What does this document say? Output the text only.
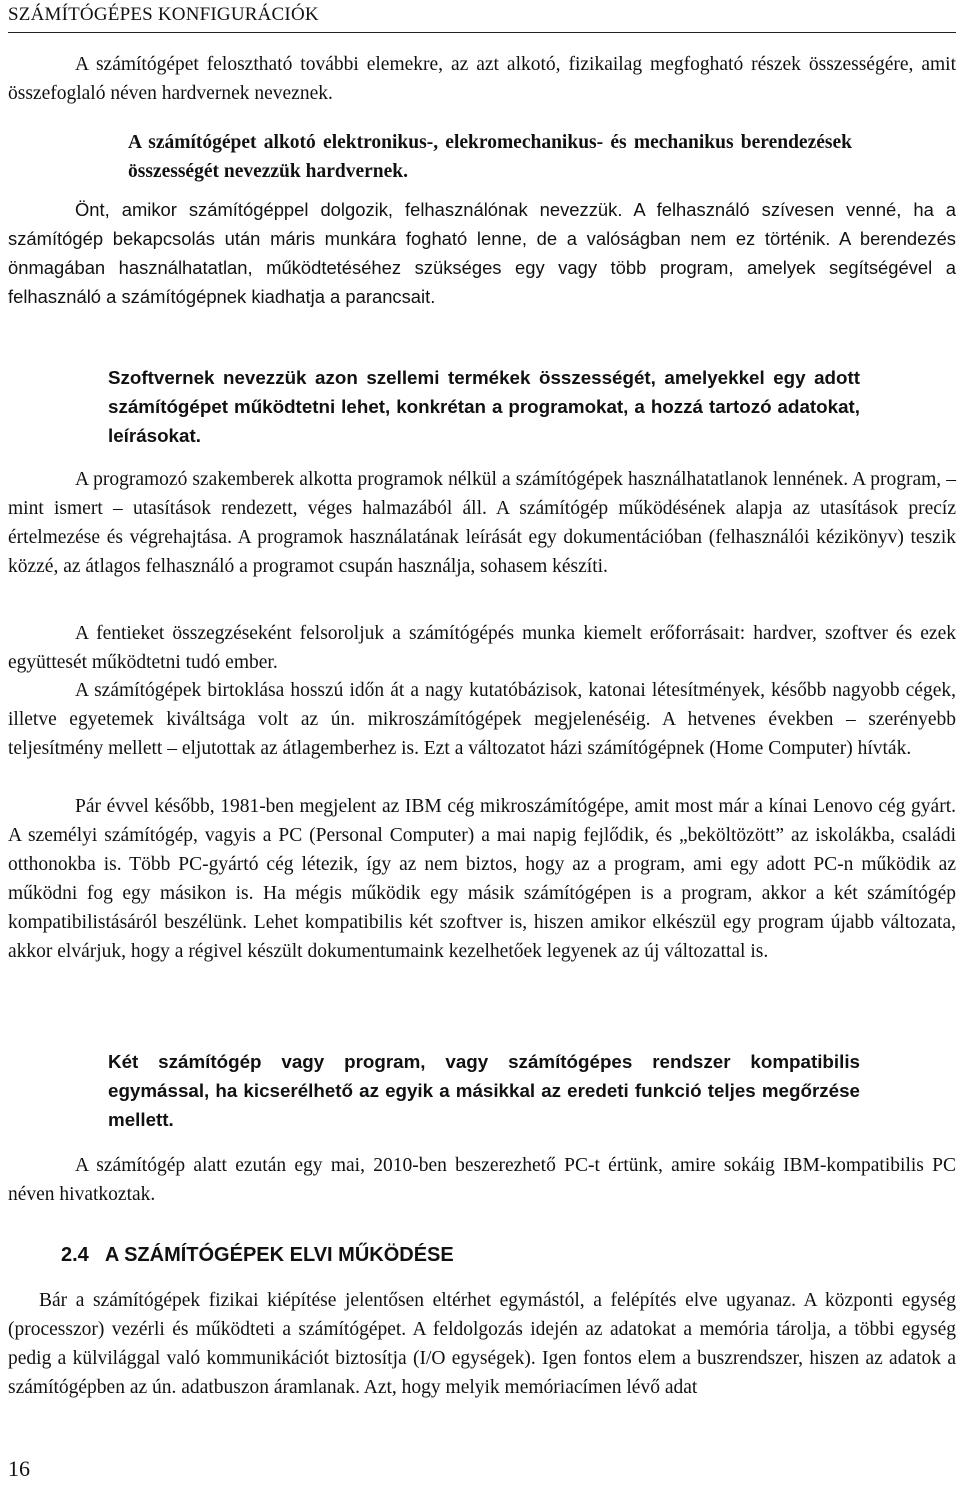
SZÁMÍTÓGÉPES KONFIGURÁCIÓK

A számítógépet felosztható további elemekre, az azt alkotó, fizikailag megfogható részek összességére, amit összefoglaló néven hardvernek neveznek.

A számítógépet alkotó elektronikus-, elekromechanikus- és mechanikus berendezések összességét nevezzük hardvernek.

Önt, amikor számítógéppel dolgozik, felhasználónak nevezzük. A felhasználó szívesen venné, ha a számítógép bekapcsolás után máris munkára fogható lenne, de a valóságban nem ez történik. A berendezés önmagában használhatatlan, működtetéséhez szükséges egy vagy több program, amelyek segítségével a felhasználó a számítógépnek kiadhatja a parancsait.

Szoftvernek nevezzük azon szellemi termékek összességét, amelyekkel egy adott számítógépet működtetni lehet, konkrétan a programokat, a hozzá tartozó adatokat, leírásokat.

A programozó szakemberek alkotta programok nélkül a számítógépek használhatatlanok lennének. A program, – mint ismert – utasítások rendezett, véges halmazából áll. A számítógép működésének alapja az utasítások precíz értelmezése és végrehajtása. A programok használatának leírását egy dokumentációban (felhasználói kézikönyv) teszik közzé, az átlagos felhasználó a programot csupán használja, sohasem készíti.

A fentieket összegzéseként felsoroljuk a számítógépés munka kiemelt erőforrásait: hardver, szoftver és ezek együttesét működtetni tudó ember.

A számítógépek birtoklása hosszú időn át a nagy kutatóbázisok, katonai létesítmények, később nagyobb cégek, illetve egyetemek kiváltsága volt az ún. mikroszámítógépek megjelenéséig. A hetvenes években – szerényebb teljesítmény mellett – eljutottak az átlagemberhez is. Ezt a változatot házi számítógépnek (Home Computer) hívták.

Pár évvel később, 1981-ben megjelent az IBM cég mikroszámítógépe, amit most már a kínai Lenovo cég gyárt. A személyi számítógép, vagyis a PC (Personal Computer) a mai napig fejlődik, és „beköltözött” az iskolákba, családi otthonokba is. Több PC-gyártó cég létezik, így az nem biztos, hogy az a program, ami egy adott PC-n működik az működni fog egy másikon is. Ha mégis működik egy másik számítógépen is a program, akkor a két számítógép kompatibilistásáról beszélünk. Lehet kompatibilis két szoftver is, hiszen amikor elkészül egy program újabb változata, akkor elvárjuk, hogy a régivel készült dokumentumaink kezelhetőek legyenek az új változattal is.

Két számítógép vagy program, vagy számítógépes rendszer kompatibilis egymással, ha kicserélhető az egyik a másikkal az eredeti funkció teljes megőrzése mellett.

A számítógép alatt ezután egy mai, 2010-ben beszerezhető PC-t értünk, amire sokáig IBM-kompatibilis PC néven hivatkoztak.

2.4 A SZÁMÍTÓGÉPEK ELVI MŰKÖDÉSE

Bár a számítógépek fizikai kiépítése jelentősen eltérhet egymástól, a felépítés elve ugyanaz. A központi egység (processzor) vezérli és működteti a számítógépet. A feldolgozás idején az adatokat a memória tárolja, a többi egység pedig a külvilággal való kommunikációt biztosítja (I/O egységek). Igen fontos elem a buszrendszer, hiszen az adatok a számítógépben az ún. adatbuszon áramlanak. Azt, hogy melyik memóriacímen lévő adat

16
